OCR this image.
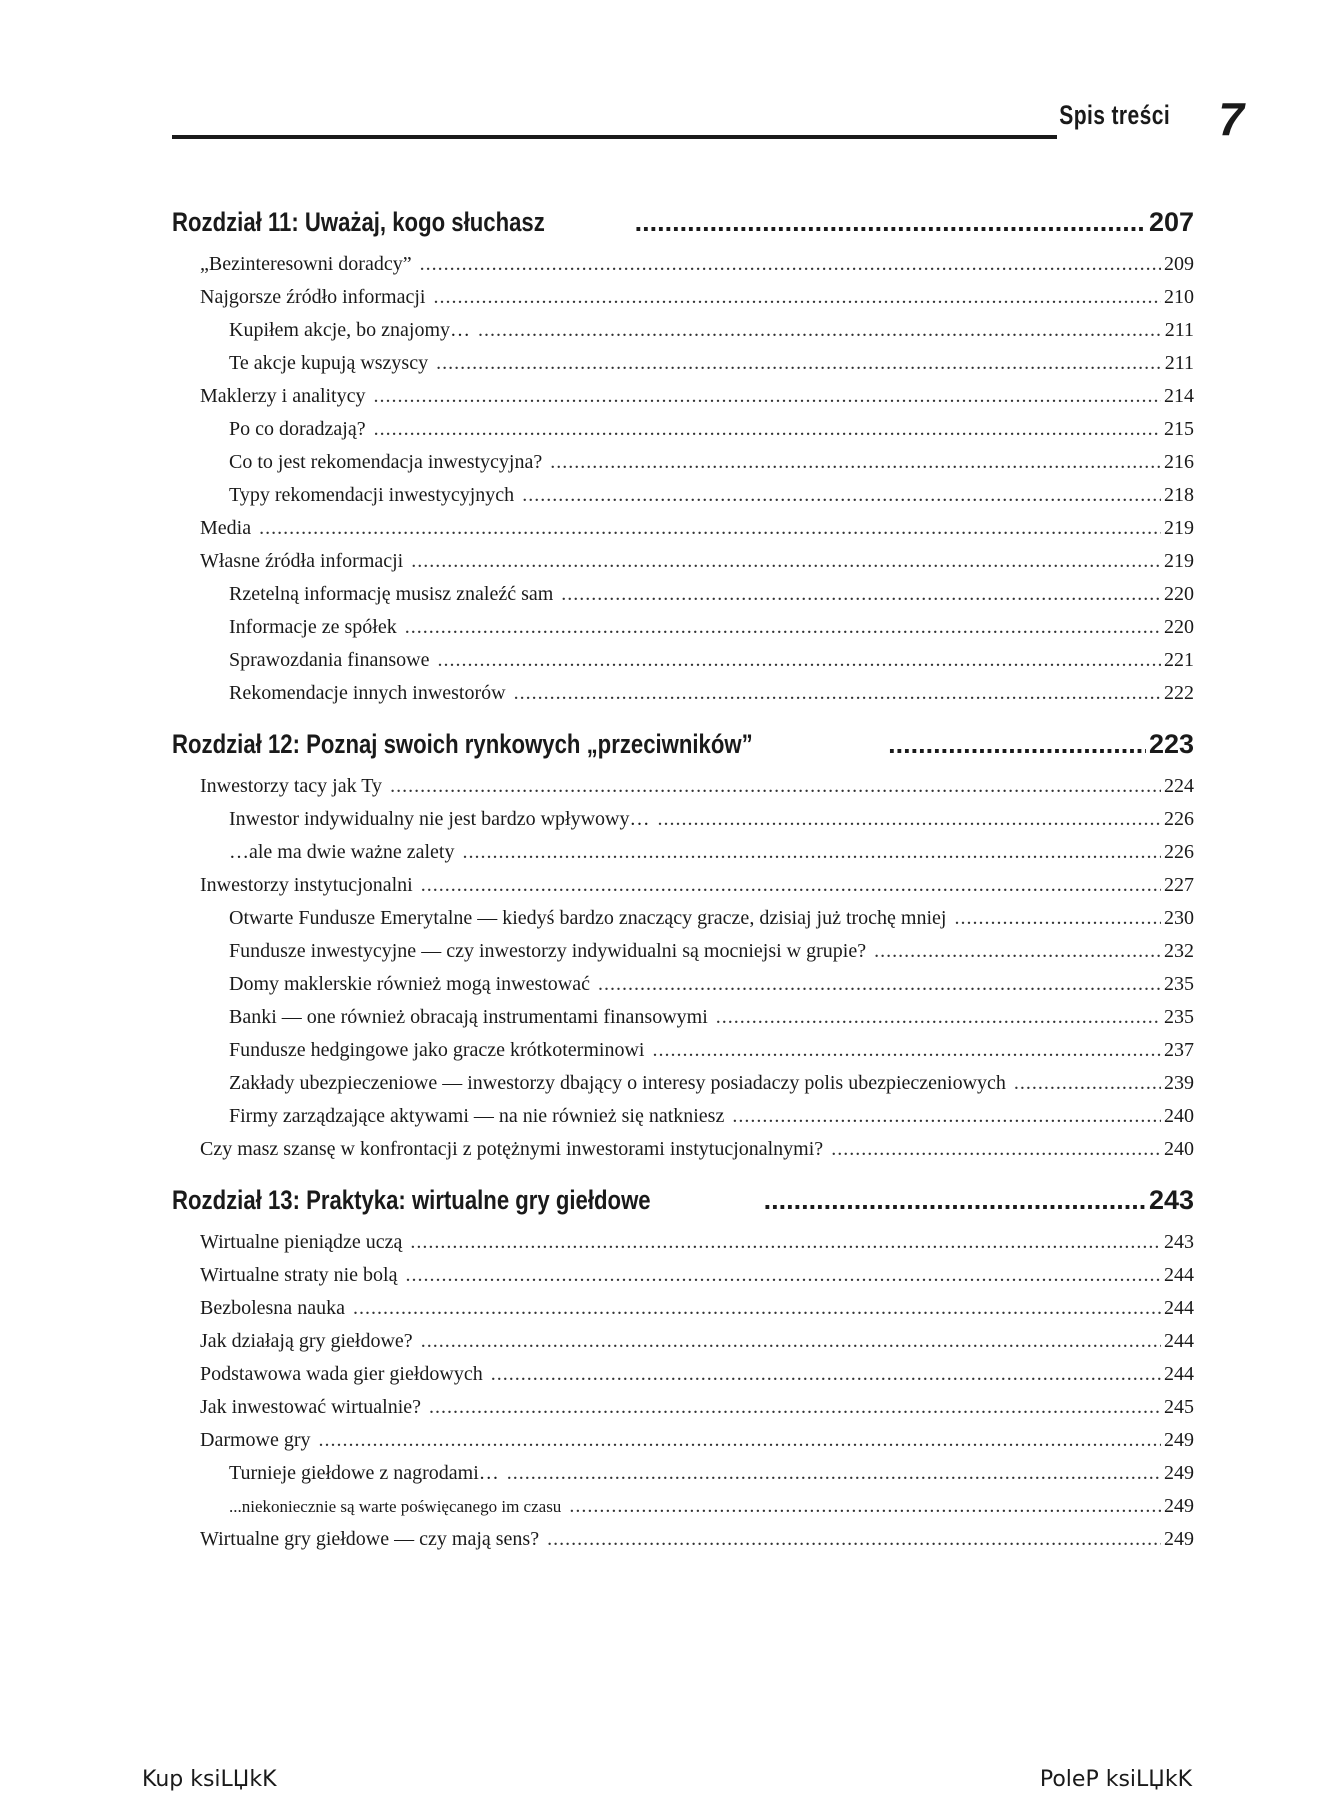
Spis treści 7
Rozdział 11: Uważaj, kogo słuchasz .....	207
„Bezinteresowni doradcy” .....	209
Najgorsze źródło informacji .....	210
Kupiłem akcje, bo znajomy… .....	211
Te akcje kupują wszyscy .....	211
Maklerzy i analitycy .....	214
Po co doradzają? .....	215
Co to jest rekomendacja inwestycyjna? .....	216
Typy rekomendacji inwestycyjnych .....	218
Media .....	219
Własne źródła informacji .....	219
Rzetelną informację musisz znaleźć sam .....	220
Informacje ze spółek .....	220
Sprawozdania finansowe .....	221
Rekomendacje innych inwestorów .....	222
Rozdział 12: Poznaj swoich rynkowych „przeciwników” .....	223
Inwestorzy tacy jak Ty .....	224
Inwestor indywidualny nie jest bardzo wpływowy… .....	226
…ale ma dwie ważne zalety .....	226
Inwestorzy instytucjonalni .....	227
Otwarte Fundusze Emerytalne — kiedyś bardzo znaczący gracze, dzisiaj już trochę mniej .....	230
Fundusze inwestycyjne — czy inwestorzy indywidualni są mocniejsi w grupie? .....	232
Domy maklerskie również mogą inwestować .....	235
Banki — one również obracają instrumentami finansowymi .....	235
Fundusze hedgingowe jako gracze krótkoterminowi .....	237
Zakłady ubezpieczeniowe — inwestorzy dbający o interesy posiadaczy polis ubezpieczeniowych .....	239
Firmy zarządzające aktywami — na nie również się natkniesz .....	240
Czy masz szansę w konfrontacji z potężnymi inwestorami instytucjonalnymi? .....	240
Rozdział 13: Praktyka: wirtualne gry giełdowe .....	243
Wirtualne pieniądze uczą .....	243
Wirtualne straty nie bolą .....	244
Bezbolesna nauka .....	244
Jak działają gry giełdowe? .....	244
Podstawowa wada gier giełdowych .....	244
Jak inwestować wirtualnie? .....	245
Darmowe gry .....	249
Turnieje giełdowe z nagrodami… .....	249
...niekoniecznie są warte poświęcanego im czasu .....	249
Wirtualne gry giełdowe — czy mają sens? .....	249
Kup ksiLЏkK	PoleP ksiLЏkK
